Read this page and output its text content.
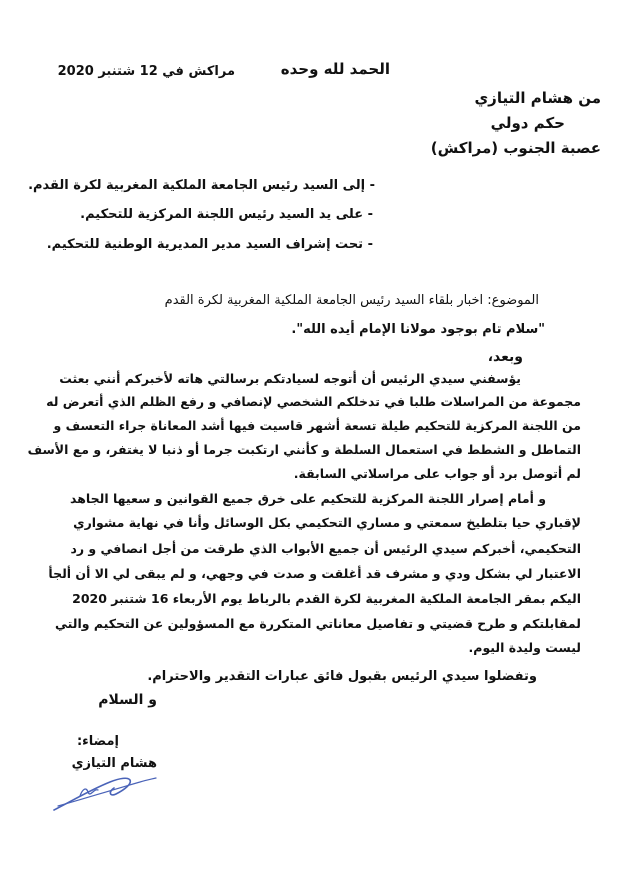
الحمد لله وحده
مراكش في 12 شتنبر 2020
من هشام التيازي
حكم دولي
عصبة الجنوب (مراكش)
- إلى السيد رئيس الجامعة الملكية المغربية لكرة القدم.
- على يد السيد رئيس اللجنة المركزية للتحكيم.
- تحت إشراف السيد مدير المديرية الوطنية للتحكيم.
الموضوع: اخبار بلقاء السيد رئيس الجامعة الملكية المغربية لكرة القدم
"سلام تام بوجود مولانا الإمام أيده الله".
وبعد،
يؤسفني سيدي الرئيس أن أتوجه لسيادتكم برسالتي هاته لأخبركم أنني بعثت
مجموعة من المراسلات طلبا في تدخلكم الشخصي لإنصافي و رفع الظلم الذي أتعرض له
من اللجنة المركزية للتحكيم طيلة تسعة أشهر قاسيت فيها أشد المعاناة جراء التعسف و
التماطل و الشطط في استعمال السلطة و كأنني ارتكبت جرما أو ذنبا لا يغتفر، و مع الأسف
لم أتوصل برد أو جواب على مراسلاتي السابقة.
و أمام إصرار اللجنة المركزية للتحكيم على خرق جميع القوانين و سعيها الجاهد
لإقباري حيا بتلطيخ سمعتي و مساري التحكيمي بكل الوسائل وأنا في نهاية مشواري
التحكيمي، أخبركم سيدي الرئيس أن جميع الأبواب الذي طرقت من أجل انصافي و رد
الاعتبار لي بشكل ودي و مشرف قد أغلقت و صدت في وجهي، و لم يبقى لي الا أن ألجأ
اليكم بمقر الجامعة الملكية المغربية لكرة القدم بالرباط يوم الأربعاء 16 شتنبر 2020
لمقابلتكم و طرح قضيتي و تفاصيل معاناتي المتكررة مع المسؤولين عن التحكيم والتي
ليست وليدة اليوم.
وتفضلوا سيدي الرئيس بقبول فائق عبارات التقدير والاحترام.
و السلام
إمضاء:
هشام التيازي
